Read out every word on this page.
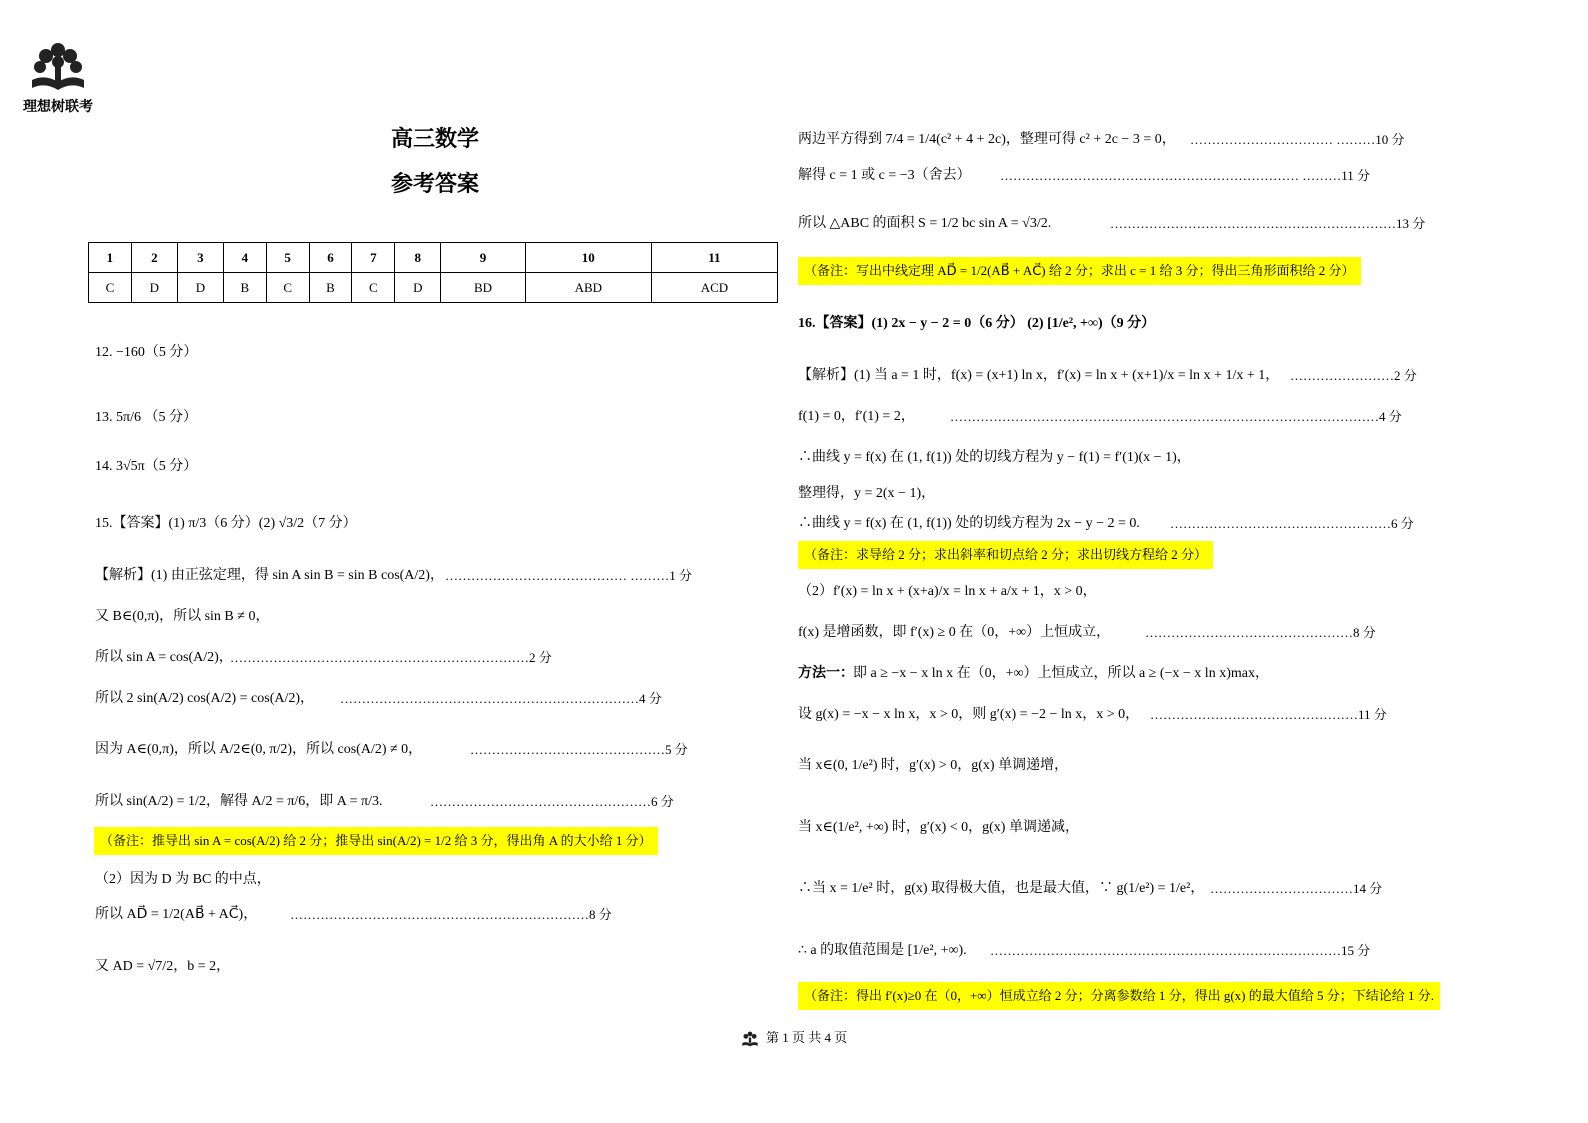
理想树联考
高三数学
参考答案
1	2	3	4	5	6	7	8	9	10	11
C	D	D	B	C	B	C	D	BD	ABD	ACD
12. −160（5 分）
13. 5π/6 （5 分）
14. 3√5π（5 分）
15.【答案】(1) π/3（6 分）(2) √3/2（7 分）
【解析】(1) 由正弦定理，得 sin A sin B = sin B cos(A/2)， …………………………………… ………1 分
又 B∈(0,π)，所以 sin B ≠ 0，
所以 sin A = cos(A/2)，
……………………………………………………………2 分
所以 2 sin(A/2) cos(A/2) = cos(A/2)， ……………………………………………………………4 分
因为 A∈(0,π)，所以 A/2∈(0, π/2)，所以 cos(A/2) ≠ 0，	………………………………………5 分
所以 sin(A/2) = 1/2，解得 A/2 = π/6，即 A = π/3.	……………………………………………6 分
（备注：推导出 sin A = cos(A/2) 给 2 分；推导出 sin(A/2) = 1/2 给 3 分，得出角 A 的大小给 1 分）
（2）因为 D 为 BC 的中点，
所以 AD⃗ = 1/2(AB⃗ + AC⃗)，	……………………………………………………………8 分
又 AD = √7/2，b = 2，
两边平方得到 7/4 = 1/4(c² + 4 + 2c)，整理可得 c² + 2c − 3 = 0， …………………………… ………10 分
解得 c = 1 或 c = −3（舍去） …………………………………………………………… ………11 分
所以 △ABC 的面积 S = 1/2 bc sin A = √3/2.	…………………………………………………………13 分
（备注：写出中线定理 AD⃗ = 1/2(AB⃗ + AC⃗) 给 2 分；求出 c = 1 给 3 分；得出三角形面积给 2 分）
16.【答案】(1) 2x − y − 2 = 0（6 分） (2) [1/e², +∞)（9 分）
【解析】(1) 当 a = 1 时，f(x) = (x+1) ln x，f′(x) = ln x + (x+1)/x = ln x + 1/x + 1， ……………………2 分
f(1) = 0，f′(1) = 2，	………………………………………………………………………………………4 分
∴曲线 y = f(x) 在 (1, f(1)) 处的切线方程为 y − f(1) = f′(1)(x − 1)，
整理得，y = 2(x − 1)，
∴曲线 y = f(x) 在 (1, f(1)) 处的切线方程为 2x − y − 2 = 0. ……………………………………………6 分
（备注：求导给 2 分；求出斜率和切点给 2 分；求出切线方程给 2 分）
（2）f′(x) = ln x + (x+a)/x = ln x + a/x + 1，x > 0，
f(x) 是增函数，即 f′(x) ≥ 0 在（0，+∞）上恒成立，	…………………………………………8 分
方法一： 即 a ≥ −x − x ln x 在（0，+∞）上恒成立，所以 a ≥ (−x − x ln x)max，
设 g(x) = −x − x ln x，x > 0，则 g′(x) = −2 − ln x，x > 0， …………………………………………11 分
当 x∈(0, 1/e²) 时，g′(x) > 0，g(x) 单调递增，
当 x∈(1/e², +∞) 时，g′(x) < 0，g(x) 单调递减，
∴当 x = 1/e² 时，g(x) 取得极大值，也是最大值，∵ g(1/e²) = 1/e²， ……………………………14 分
∴ a 的取值范围是 [1/e², +∞). ………………………………………………………………………15 分
（备注：得出 f′(x)≥0 在（0，+∞）恒成立给 2 分；分离参数给 1 分，得出 g(x) 的最大值给 5 分；下结论给 1 分.
第 1 页 共 4 页
